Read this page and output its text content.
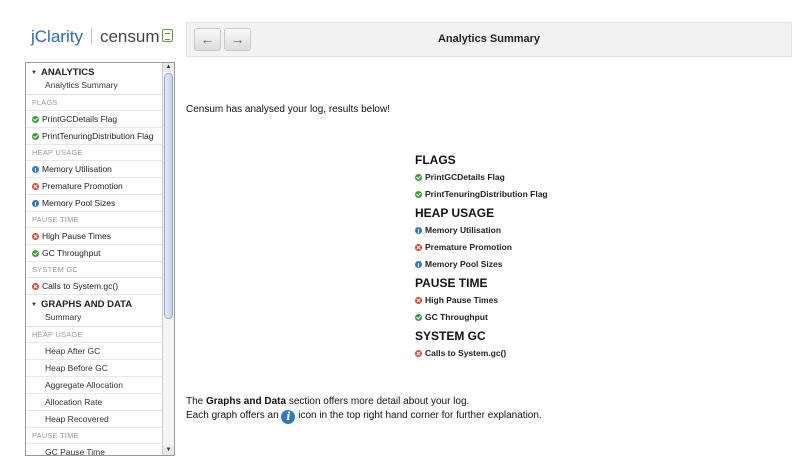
jClarity censum	←	→	Analytics Summary
▼ ANALYTICS
Analytics Summary
FLAGS
PrintGCDetails Flag
PrintTenuringDistribution Flag
HEAP USAGE
Memory Utilisation
Premature Promotion
Memory Pool Sizes
PAUSE TIME
High Pause Times
GC Throughput
SYSTEM GC
Calls to System.gc()
▼ GRAPHS AND DATA
Summary
HEAP USAGE
Heap After GC
Heap Before GC
Aggregate Allocation
Allocation Rate
Heap Recovered
PAUSE TIME
GC Pause Time
▲
▼
Censum has analysed your log, results below!
FLAGS
PrintGCDetails Flag
PrintTenuringDistribution Flag
HEAP USAGE
Memory Utilisation
Premature Promotion
Memory Pool Sizes
PAUSE TIME
High Pause Times
GC Throughput
SYSTEM GC
Calls to System.gc()
The Graphs and Data section offers more detail about your log.
Each graph offers an i icon in the top right hand corner for further explanation.
